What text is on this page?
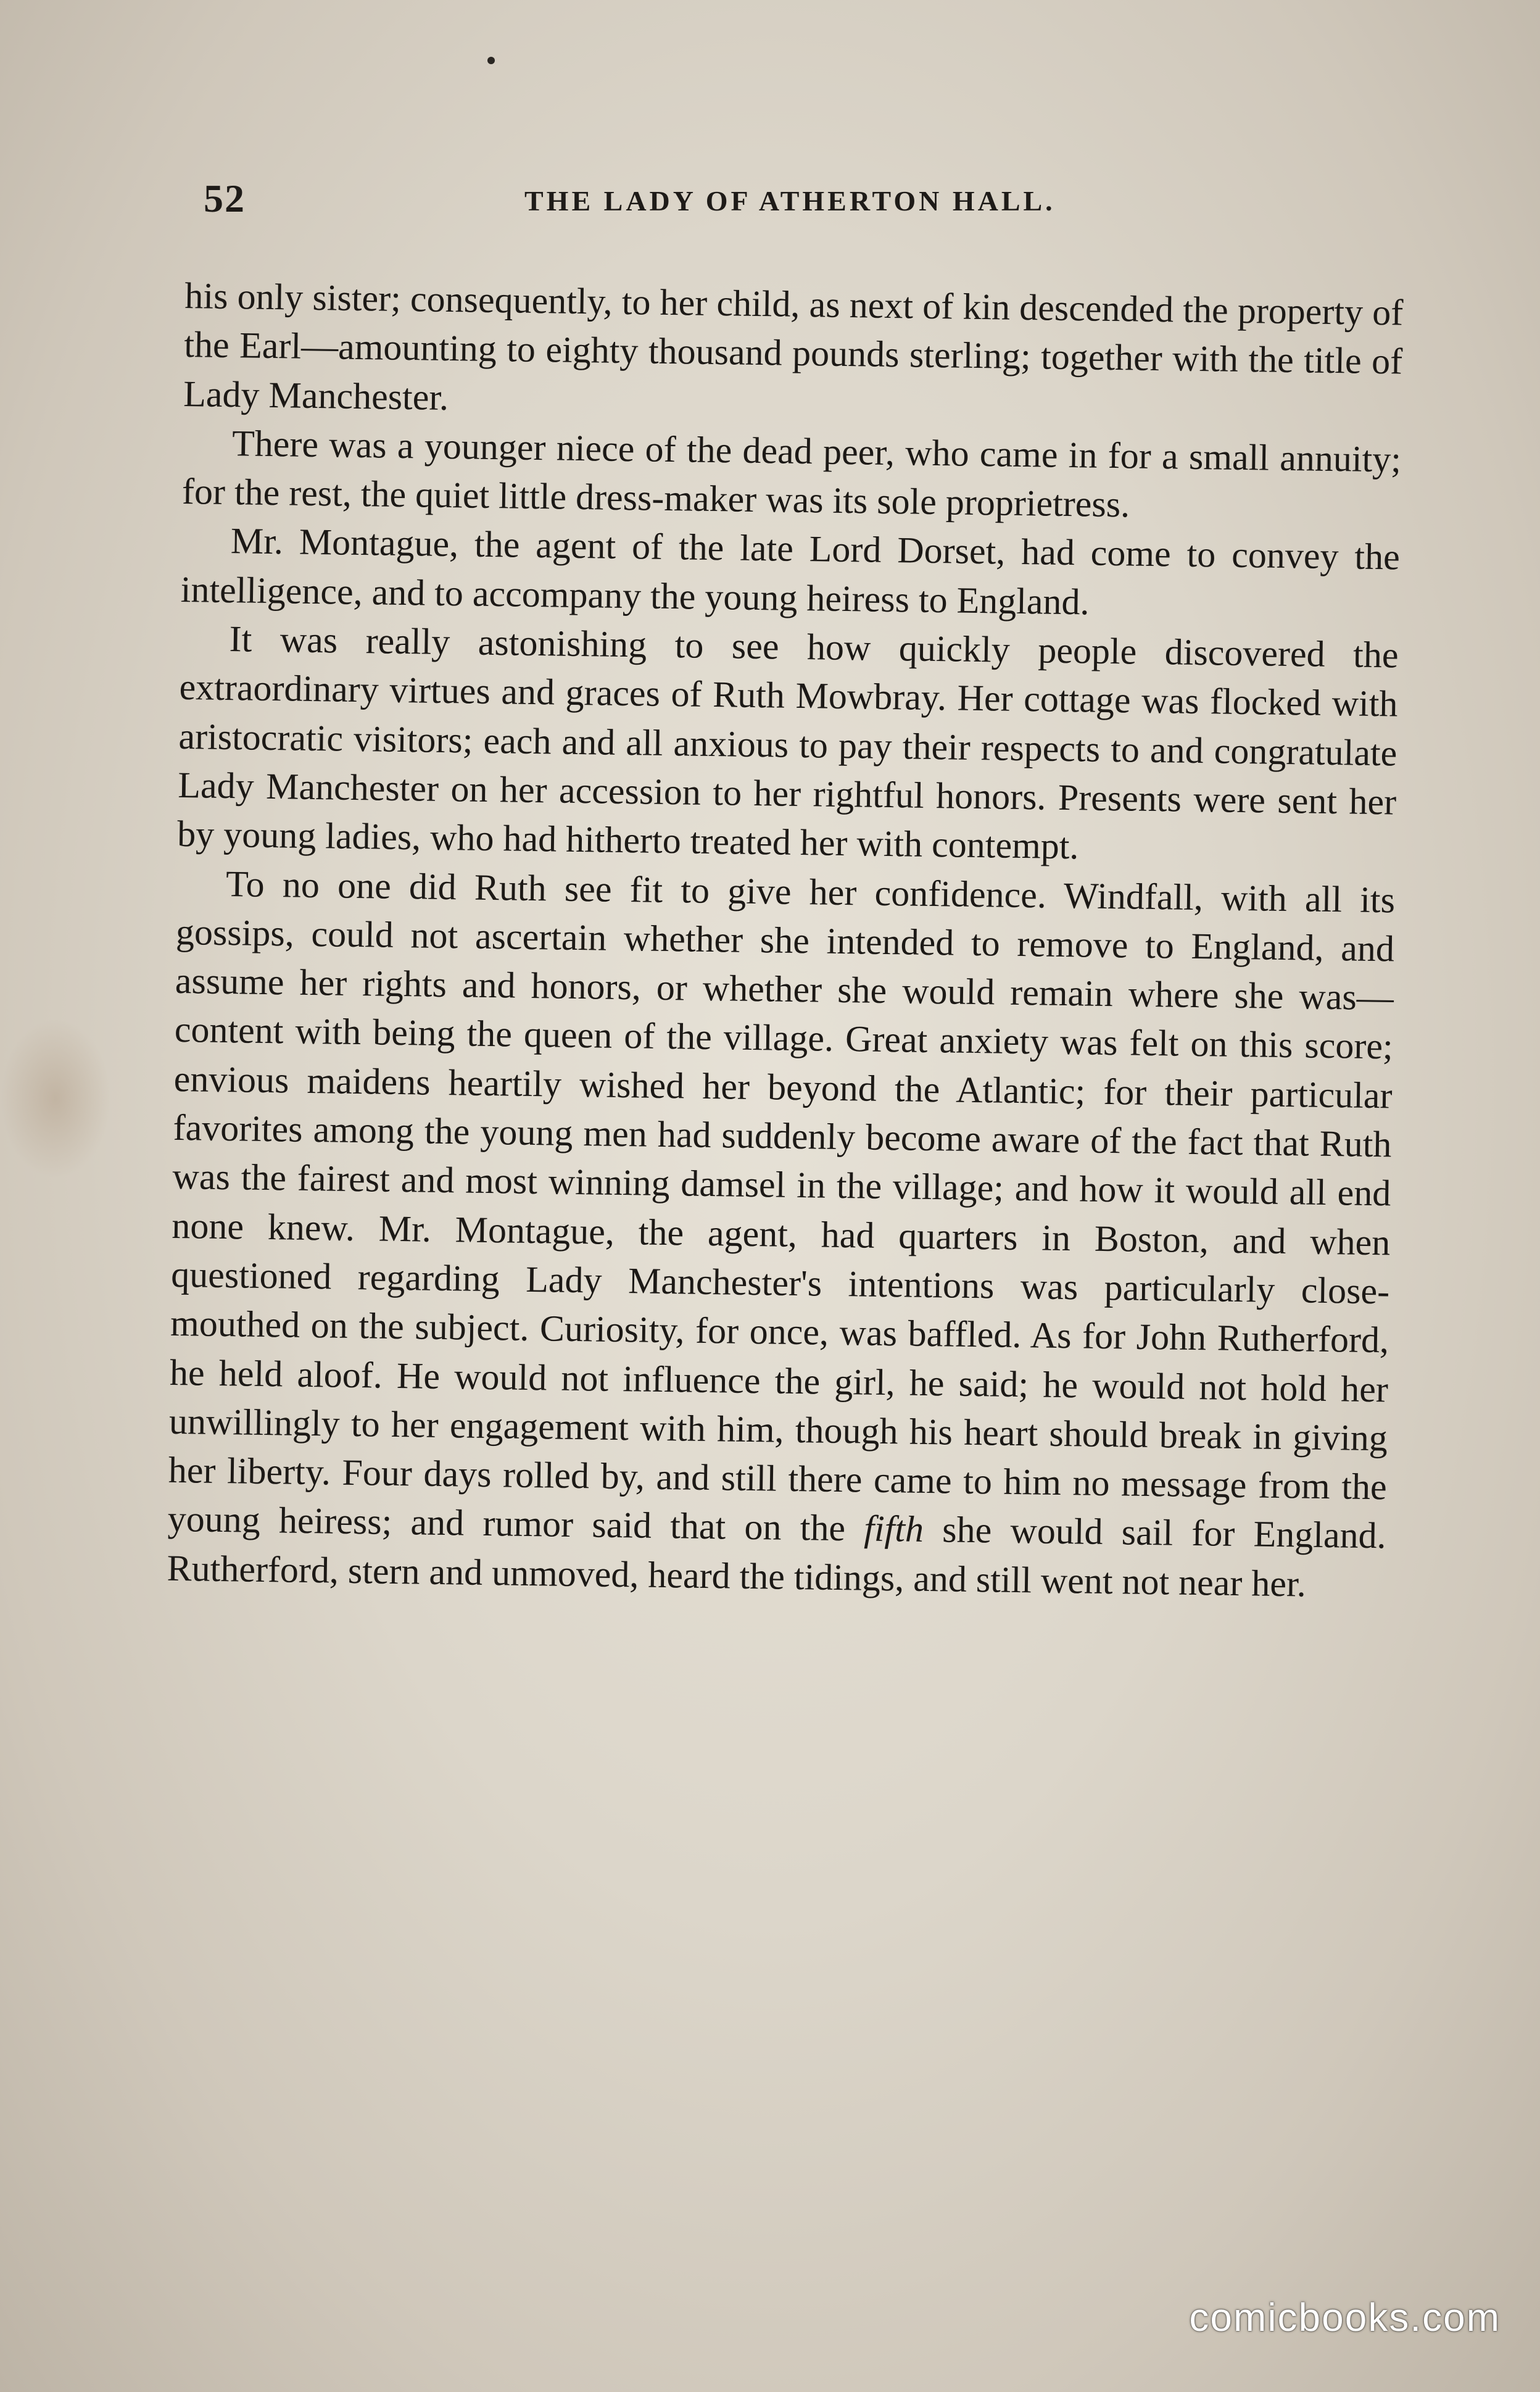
52	THE LADY OF ATHERTON HALL.

his only sister; consequently, to her child, as next of kin descended the property of the Earl—amounting to eighty thousand pounds sterling; together with the title of Lady Manchester.

There was a younger niece of the dead peer, who came in for a small annuity; for the rest, the quiet little dress-maker was its sole proprietress.

Mr. Montague, the agent of the late Lord Dorset, had come to convey the intelligence, and to accompany the young heiress to England.

It was really astonishing to see how quickly people discovered the extraordinary virtues and graces of Ruth Mowbray. Her cottage was flocked with aristocratic visitors; each and all anxious to pay their respects to and congratulate Lady Manchester on her accession to her rightful honors. Presents were sent her by young ladies, who had hitherto treated her with contempt.

To no one did Ruth see fit to give her confidence. Windfall, with all its gossips, could not ascertain whether she intended to remove to England, and assume her rights and honors, or whether she would remain where she was—content with being the queen of the village. Great anxiety was felt on this score; envious maidens heartily wished her beyond the Atlantic; for their particular favorites among the young men had suddenly become aware of the fact that Ruth was the fairest and most winning damsel in the village; and how it would all end none knew. Mr. Montague, the agent, had quarters in Boston, and when questioned regarding Lady Manchester's intentions was particularly close-mouthed on the subject. Curiosity, for once, was baffled. As for John Rutherford, he held aloof. He would not influence the girl, he said; he would not hold her unwillingly to her engagement with him, though his heart should break in giving her liberty. Four days rolled by, and still there came to him no message from the young heiress; and rumor said that on the fifth she would sail for England. Rutherford, stern and unmoved, heard the tidings, and still went not near her.

comicbooks.com
